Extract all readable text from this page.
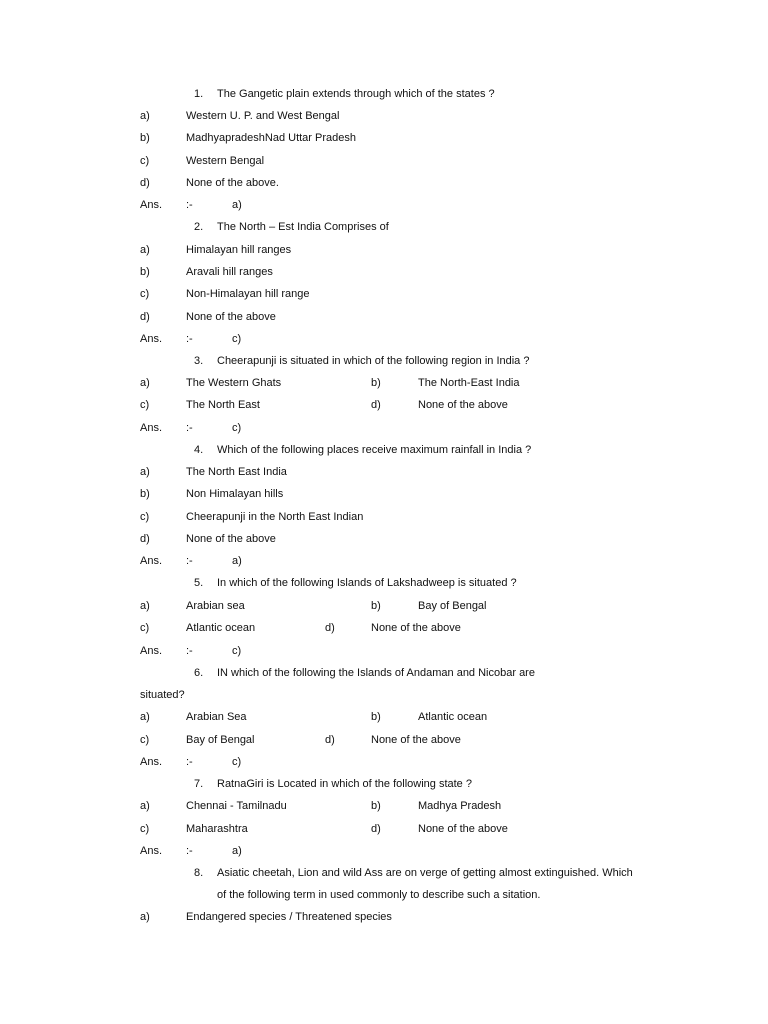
1. The Gangetic plain extends through which of the states ?
a)	Western U. P. and West Bengal
b)	MadhyapradeshNad Uttar Pradesh
c)	Western Bengal
d)	None of the above.
Ans. :-	a)
2. The North – Est India Comprises of
a)	Himalayan hill ranges
b)	Aravali hill ranges
c)	Non-Himalayan hill range
d)	None of the above
Ans. :-	c)
3. Cheerapunji is situated in which of the following region in India ?
a)	The Western Ghats	b)	The North-East India
c)	The North East	d)	None of the above
Ans. :-	c)
4. Which of the following places receive maximum rainfall in India ?
a)	The North East India
b)	Non Himalayan hills
c)	Cheerapunji in the North East Indian
d)	None of the above
Ans. :-	a)
5. In which of the following Islands of Lakshadweep is situated ?
a)	Arabian sea	b)	Bay of Bengal
c)	Atlantic ocean	d)	None of the above
Ans. :-	c)
6. IN which of the following the Islands of Andaman and Nicobar are
situated?
a)	Arabian Sea	b)	Atlantic ocean
c)	Bay of Bengal	d)	None of the above
Ans. :-	c)
7. RatnaGiri is Located in which of the following state ?
a)	Chennai - Tamilnadu	b)	Madhya Pradesh
c)	Maharashtra	d)	None of the above
Ans. :-	a)
8. Asiatic cheetah, Lion and wild Ass are on verge of getting almost extinguished. Which
of the following term in used commonly to describe such a sitation.
a)	Endangered species / Threatened species
